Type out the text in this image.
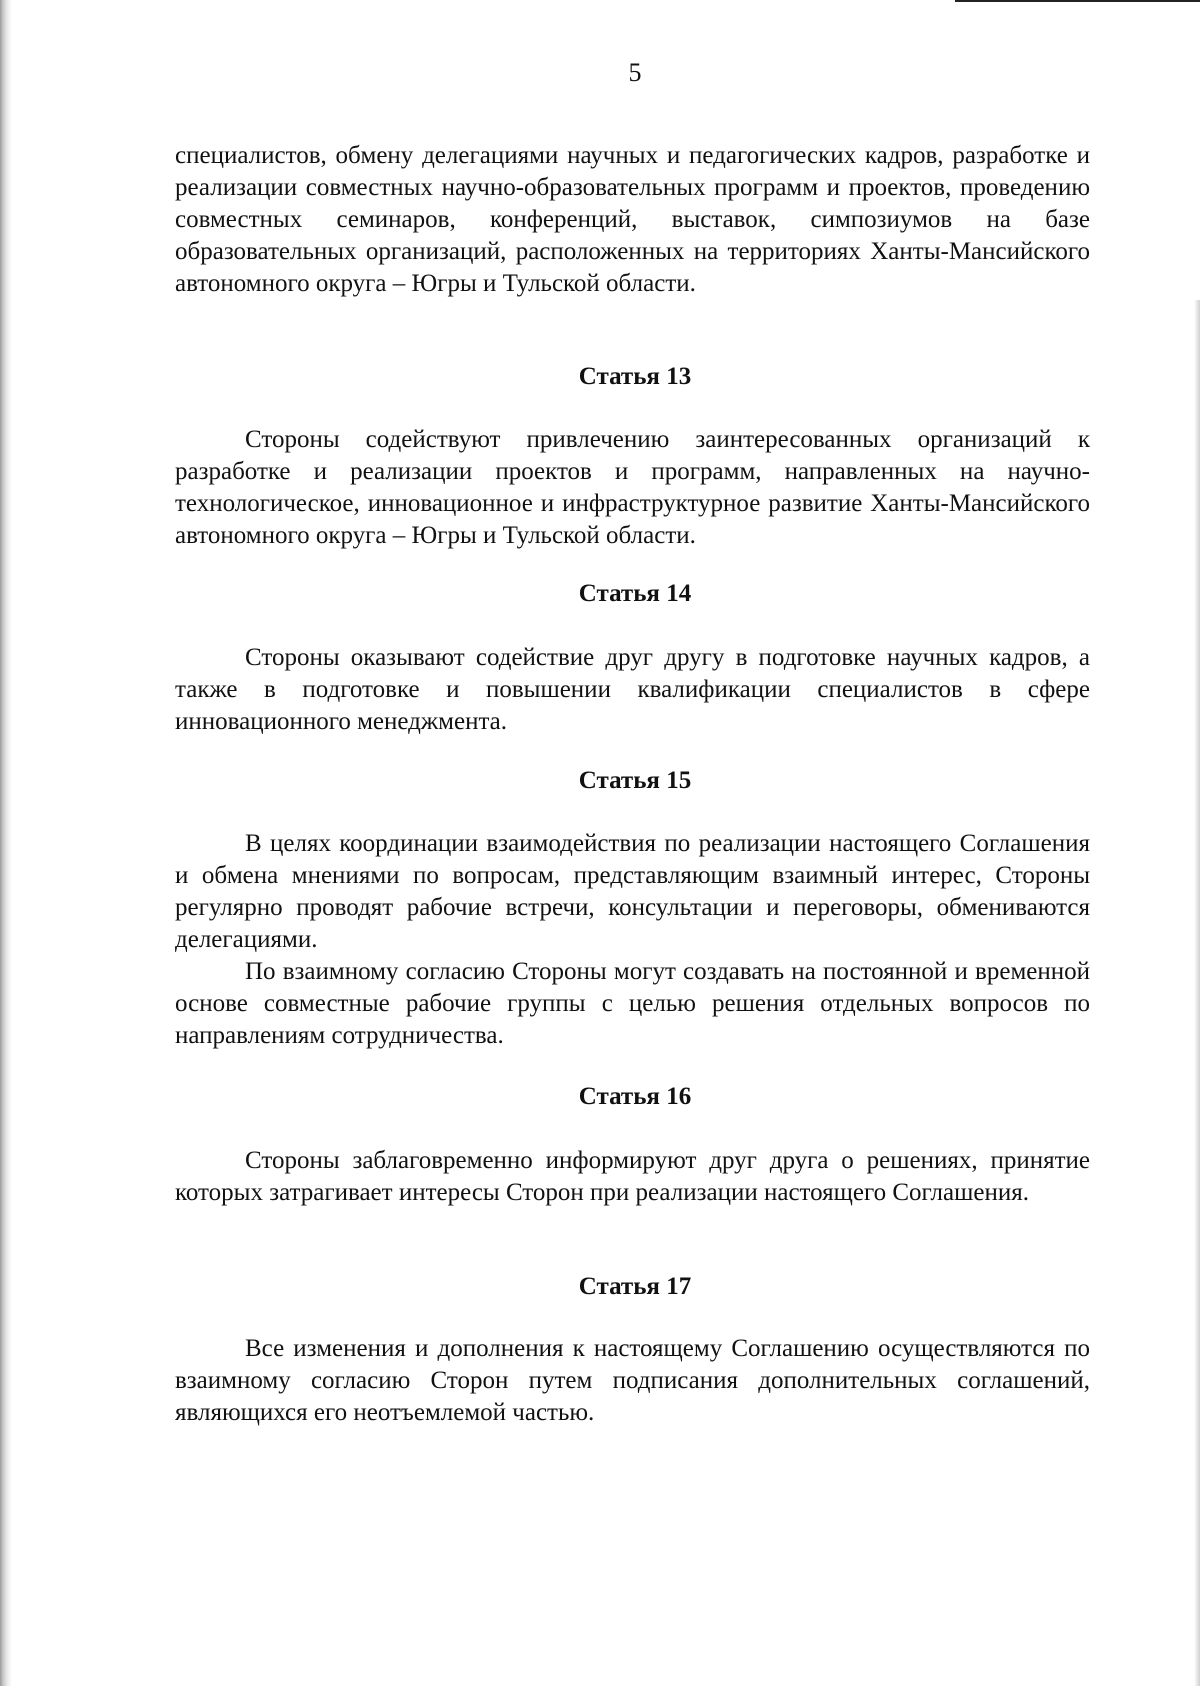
5

специалистов, обмену делегациями научных и педагогических кадров, разработке и реализации совместных научно-образовательных программ и проектов, проведению совместных семинаров, конференций, выставок, симпозиумов на базе образовательных организаций, расположенных на территориях Ханты-Мансийского автономного округа – Югры и Тульской области.

Статья 13

Стороны содействуют привлечению заинтересованных организаций к разработке и реализации проектов и программ, направленных на научно-технологическое, инновационное и инфраструктурное развитие Ханты-Мансийского автономного округа – Югры и Тульской области.

Статья 14

Стороны оказывают содействие друг другу в подготовке научных кадров, а также в подготовке и повышении квалификации специалистов в сфере инновационного менеджмента.

Статья 15

В целях координации взаимодействия по реализации настоящего Соглашения и обмена мнениями по вопросам, представляющим взаимный интерес, Стороны регулярно проводят рабочие встречи, консультации и переговоры, обмениваются делегациями.

По взаимному согласию Стороны могут создавать на постоянной и временной основе совместные рабочие группы с целью решения отдельных вопросов по направлениям сотрудничества.

Статья 16

Стороны заблаговременно информируют друг друга о решениях, принятие которых затрагивает интересы Сторон при реализации настоящего Соглашения.

Статья 17

Все изменения и дополнения к настоящему Соглашению осуществляются по взаимному согласию Сторон путем подписания дополнительных соглашений, являющихся его неотъемлемой частью.
